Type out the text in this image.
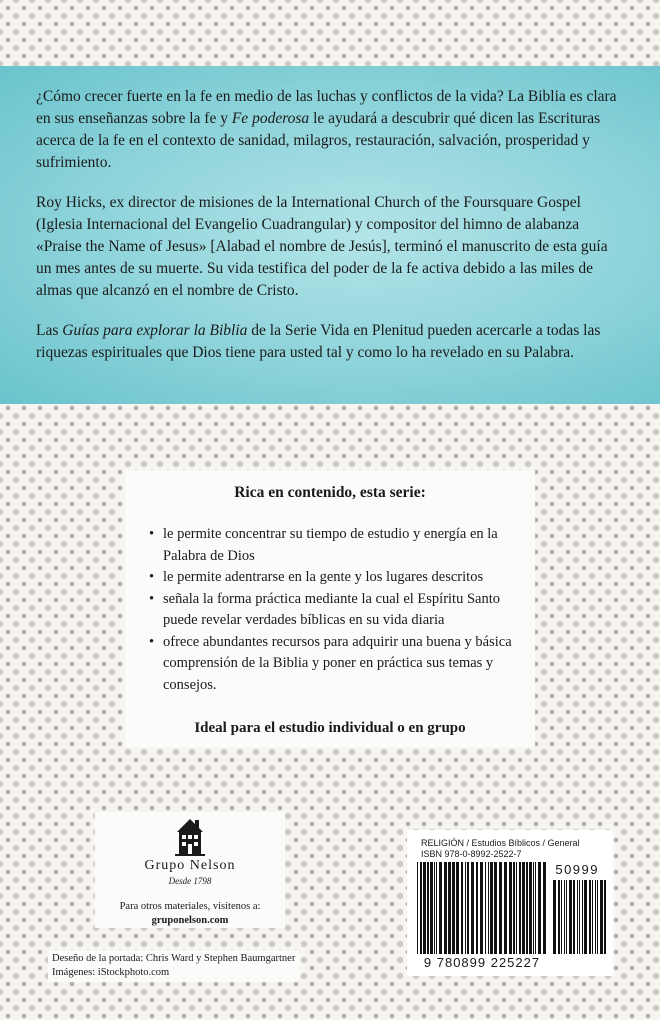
¿Cómo crecer fuerte en la fe en medio de las luchas y conflictos de la vida? La Biblia es clara en sus enseñanzas sobre la fe y Fe poderosa le ayudará a descubrir qué dicen las Escrituras acerca de la fe en el contexto de sanidad, milagros, restauración, salvación, prosperidad y sufrimiento.

Roy Hicks, ex director de misiones de la International Church of the Foursquare Gospel (Iglesia Internacional del Evangelio Cuadrangular) y compositor del himno de alabanza «Praise the Name of Jesus» [Alabad el nombre de Jesús], terminó el manuscrito de esta guía un mes antes de su muerte. Su vida testifica del poder de la fe activa debido a las miles de almas que alcanzó en el nombre de Cristo.

Las Guías para explorar la Biblia de la Serie Vida en Plenitud pueden acercarle a todas las riquezas espirituales que Dios tiene para usted tal y como lo ha revelado en su Palabra.

Rica en contenido, esta serie:
• le permite concentrar su tiempo de estudio y energía en la Palabra de Dios
• le permite adentrarse en la gente y los lugares descritos
• señala la forma práctica mediante la cual el Espíritu Santo puede revelar verdades bíblicas en su vida diaria
• ofrece abundantes recursos para adquirir una buena y básica comprensión de la Biblia y poner en práctica sus temas y consejos.

Ideal para el estudio individual o en grupo

Grupo Nelson
Desde 1798
Para otros materiales, visítenos a:
gruponelson.com
Deseño de la portada: Chris Ward y Stephen Baumgartner
Imágenes: iStockphoto.com
RELIGIÓN / Estudios Bíblicos / General
ISBN 978-0-8992-2522-7
50999
9 780899 225227
